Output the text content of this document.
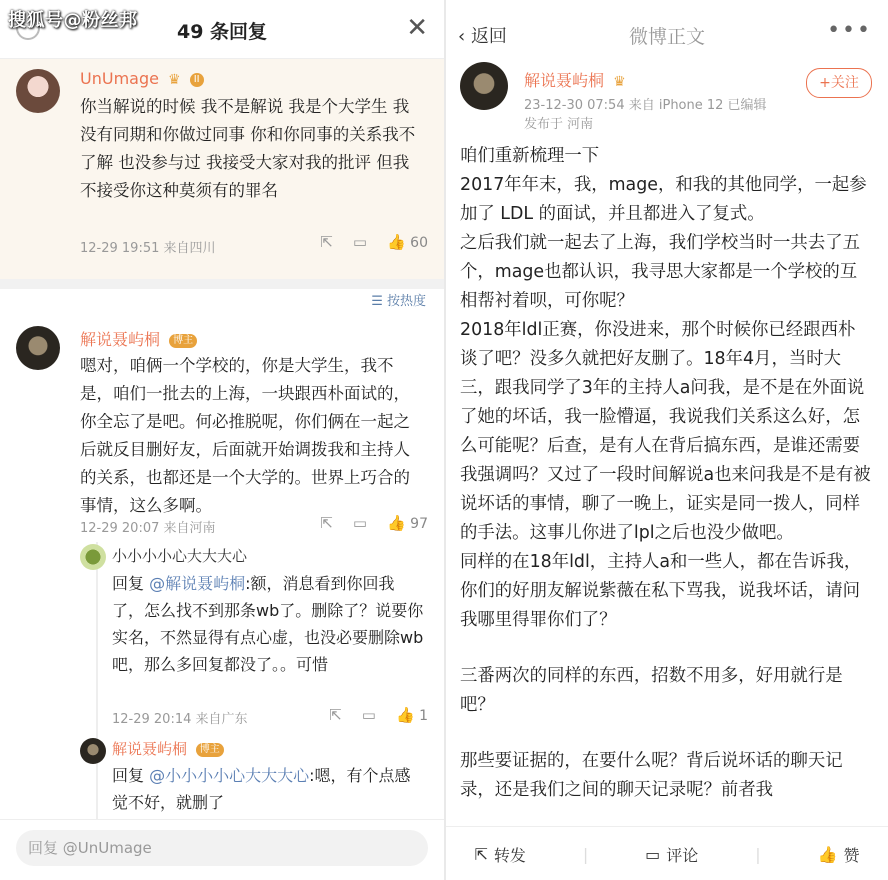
搜狐号@粉丝邦
49 条回复	✕
UnUmage ♛ II
你当解说的时候 我不是解说 我是个大学生 我没有同期和你做过同事 你和你同事的关系我不了解 也没参与过 我接受大家对我的批评 但我不接受你这种莫须有的罪名
12-29 19:51 来自四川	⇱ ▭ 👍 60
☰ 按热度
解说聂屿桐 博主
嗯对，咱俩一个学校的，你是大学生，我不是，咱们一批去的上海，一块跟西朴面试的，你全忘了是吧。何必推脱呢，你们俩在一起之后就反目删好友，后面就开始调拨我和主持人的关系，也都还是一个大学的。世界上巧合的事情，这么多啊。
12-29 20:07 来自河南	⇱ ▭ 👍 97
小小小小心大大大心
回复 @解说聂屿桐:额，消息看到你回我了，怎么找不到那条wb了。删除了？说要你实名，不然显得有点心虚，也没必要删除wb吧，那么多回复都没了。。可惜
12-29 20:14 来自广东	⇱ ▭ 👍 1
解说聂屿桐 博主
回复 @小小小小心大大大心:嗯，有个点感觉不好，就删了
回复 @UnUmage
‹ 返回	微博正文	•••
解说聂屿桐 ♛
23-12-30 07:54 来自 iPhone 12 已编辑
发布于 河南
+关注

咱们重新梳理一下

2017年年末，我，mage，和我的其他同学，一起参加了 LDL 的面试，并且都进入了复式。

之后我们就一起去了上海，我们学校当时一共去了五个，mage也都认识，我寻思大家都是一个学校的互相帮衬着呗，可你呢？

2018年ldl正赛，你没进来，那个时候你已经跟西朴谈了吧？没多久就把好友删了。18年4月，当时大三，跟我同学了3年的主持人a问我，是不是在外面说了她的坏话，我一脸懵逼，我说我们关系这么好，怎么可能呢？后查，是有人在背后搞东西，是谁还需要我强调吗？又过了一段时间解说a也来问我是不是有被说坏话的事情，聊了一晚上，证实是同一拨人，同样的手法。这事儿你进了lpl之后也没少做吧。

同样的在18年ldl，主持人a和一些人，都在告诉我，你们的好朋友解说紫薇在私下骂我，说我坏话，请问我哪里得罪你们了？

三番两次的同样的东西，招数不用多，好用就行是吧？

那些要证据的，在要什么呢？背后说坏话的聊天记录，还是我们之间的聊天记录呢？前者我

⇱ 转发	|	▭ 评论	|	👍 赞
